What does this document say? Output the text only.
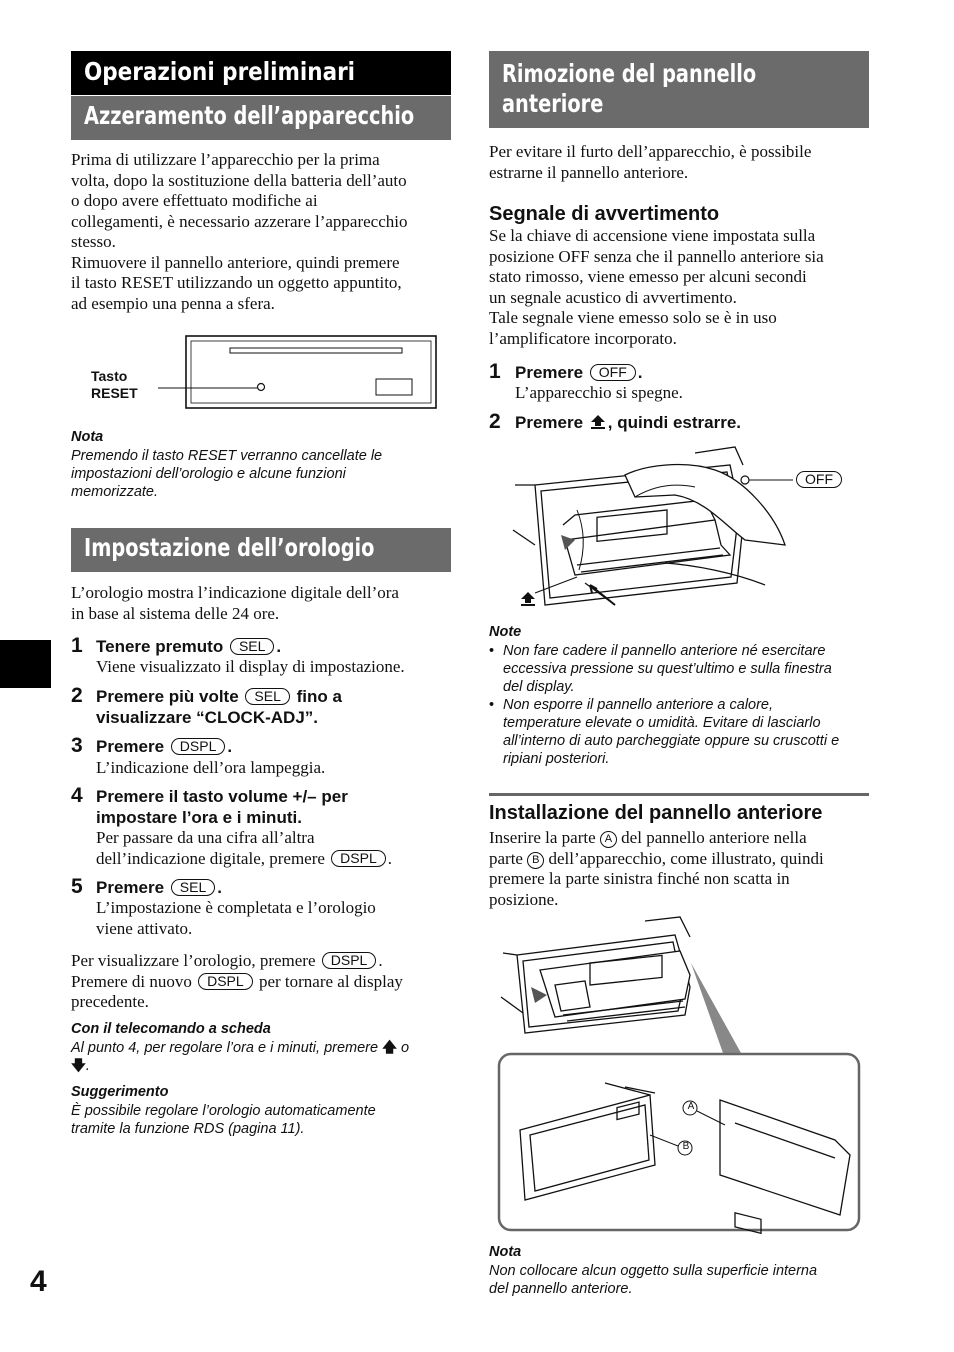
Operazioni preliminari
Azzeramento dell’apparecchio
Prima di utilizzare l’apparecchio per la prima
volta, dopo la sostituzione della batteria dell’auto
o dopo avere effettuato modifiche ai
collegamenti, è necessario azzerare l’apparecchio
stesso.
Rimuovere il pannello anteriore, quindi premere
il tasto RESET utilizzando un oggetto appuntito,
ad esempio una penna a sfera.
Tasto
RESET
Nota
Premendo il tasto RESET verranno cancellate le
impostazioni dell’orologio e alcune funzioni
memorizzate.
Impostazione dell’orologio
L’orologio mostra l’indicazione digitale dell’ora
in base al sistema delle 24 ore.
1 Tenere premuto SEL .
Viene visualizzato il display di impostazione.
2 Premere più volte SEL fino a
visualizzare “CLOCK-ADJ”.
3 Premere DSPL .
L’indicazione dell’ora lampeggia.
4 Premere il tasto volume +/– per
impostare l’ora e i minuti.
Per passare da una cifra all’altra
dell’indicazione digitale, premere DSPL .
5 Premere SEL .
L’impostazione è completata e l’orologio
viene attivato.
Per visualizzare l’orologio, premere DSPL .
Premere di nuovo DSPL per tornare al display
precedente.
Con il telecomando a scheda
Al punto 4, per regolare l’ora e i minuti, premere 🡅 o
🡇.
Suggerimento
È possibile regolare l’orologio automaticamente
tramite la funzione RDS (pagina 11).
4
Rimozione del pannello
anteriore
Per evitare il furto dell’apparecchio, è possibile
estrarne il pannello anteriore.
Segnale di avvertimento
Se la chiave di accensione viene impostata sulla
posizione OFF senza che il pannello anteriore sia
stato rimosso, viene emesso per alcuni secondi
un segnale acustico di avvertimento.
Tale segnale viene emesso solo se è in uso
l’amplificatore incorporato.
1 Premere OFF .
L’apparecchio si spegne.
2 Premere , quindi estrarre.
OFF
Note
• Non fare cadere il pannello anteriore né esercitare
eccessiva pressione su quest’ultimo e sulla finestra
del display.
• Non esporre il pannello anteriore a calore,
temperature elevate o umidità. Evitare di lasciarlo
all’interno di auto parcheggiate oppure su cruscotti e
ripiani posteriori.
Installazione del pannello anteriore
Inserire la parte A del pannello anteriore nella
parte B dell’apparecchio, come illustrato, quindi
premere la parte sinistra finché non scatta in
posizione.
A
B
Nota
Non collocare alcun oggetto sulla superficie interna
del pannello anteriore.
